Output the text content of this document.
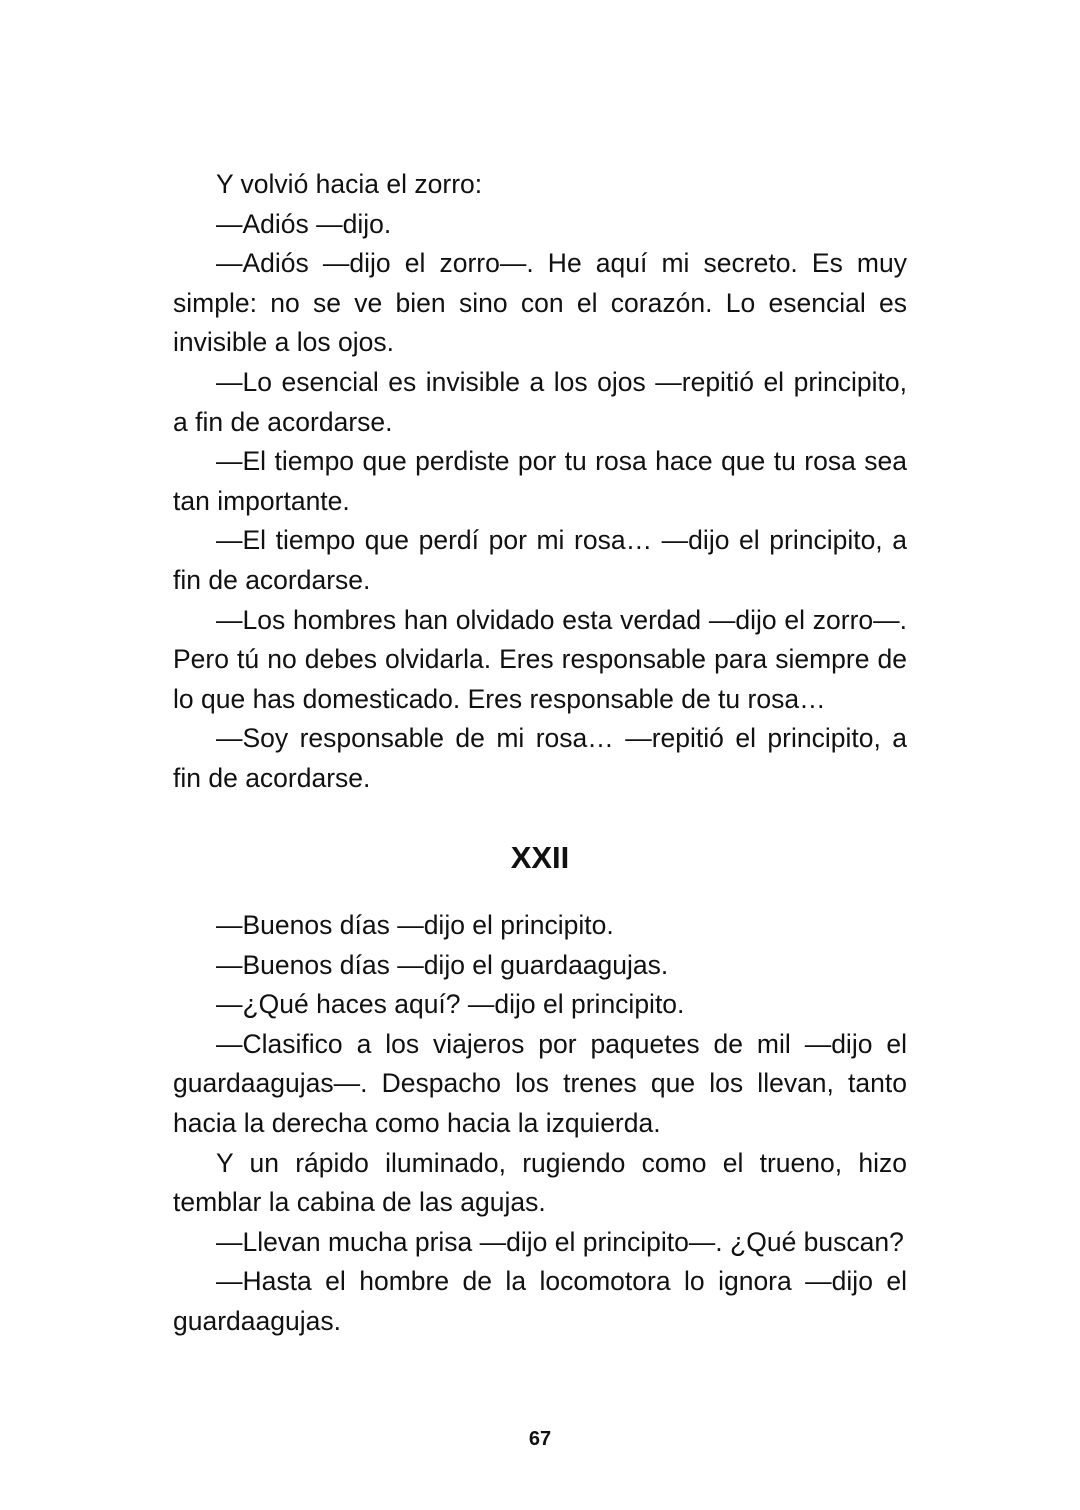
Y volvió hacia el zorro:

—Adiós —dijo.

—Adiós —dijo el zorro—. He aquí mi secreto. Es muy simple: no se ve bien sino con el corazón. Lo esencial es invisible a los ojos.

—Lo esencial es invisible a los ojos —repitió el principito, a fin de acordarse.

—El tiempo que perdiste por tu rosa hace que tu rosa sea tan importante.

—El tiempo que perdí por mi rosa… —dijo el principito, a fin de acordarse.

—Los hombres han olvidado esta verdad —dijo el zorro—. Pero tú no debes olvidarla. Eres responsable para siempre de lo que has domesticado. Eres responsable de tu rosa…

—Soy responsable de mi rosa… —repitió el principito, a fin de acordarse.

XXII

—Buenos días —dijo el principito.

—Buenos días —dijo el guardaagujas.

—¿Qué haces aquí? —dijo el principito.

—Clasifico a los viajeros por paquetes de mil —dijo el guardaagujas—. Despacho los trenes que los llevan, tanto hacia la derecha como hacia la izquierda.

Y un rápido iluminado, rugiendo como el trueno, hizo temblar la cabina de las agujas.

—Llevan mucha prisa —dijo el principito—. ¿Qué buscan?

—Hasta el hombre de la locomotora lo ignora —dijo el guardaagujas.

67
